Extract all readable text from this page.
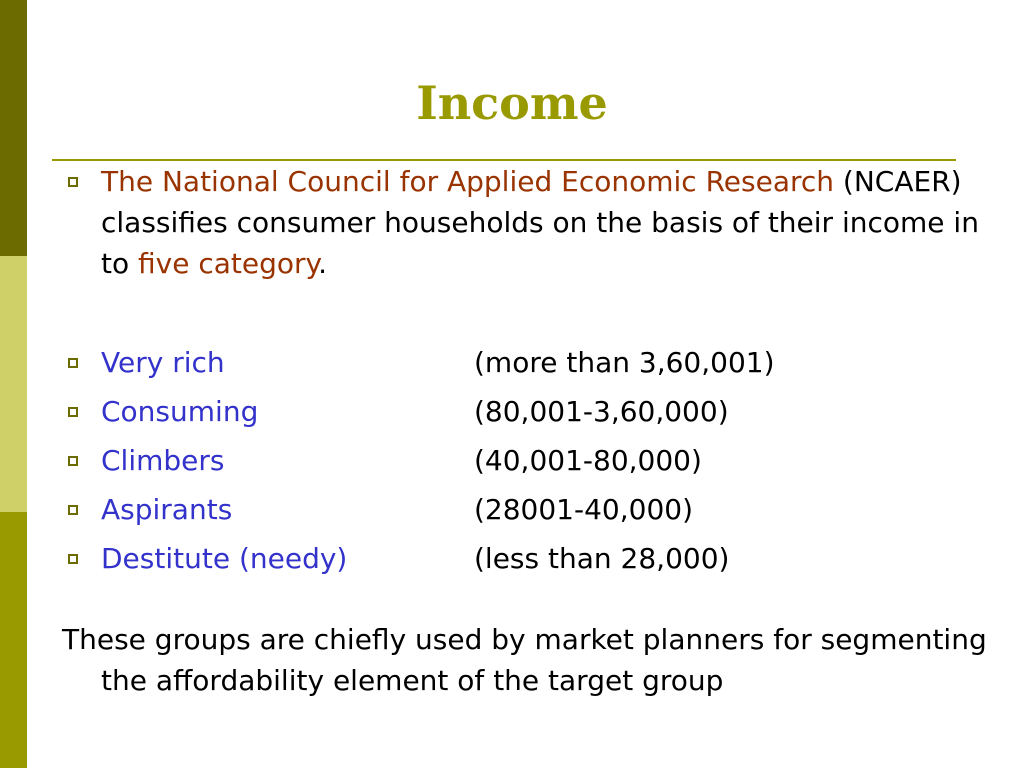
Income
The National Council for Applied Economic Research (NCAER) classifies consumer households on the basis of their income in to five category.
Very rich	(more than 3,60,001)
Consuming	(80,001-3,60,000)
Climbers	(40,001-80,000)
Aspirants	(28001-40,000)
Destitute (needy)	(less than 28,000)
These groups are chiefly used by market planners for segmenting the affordability element of the target group
